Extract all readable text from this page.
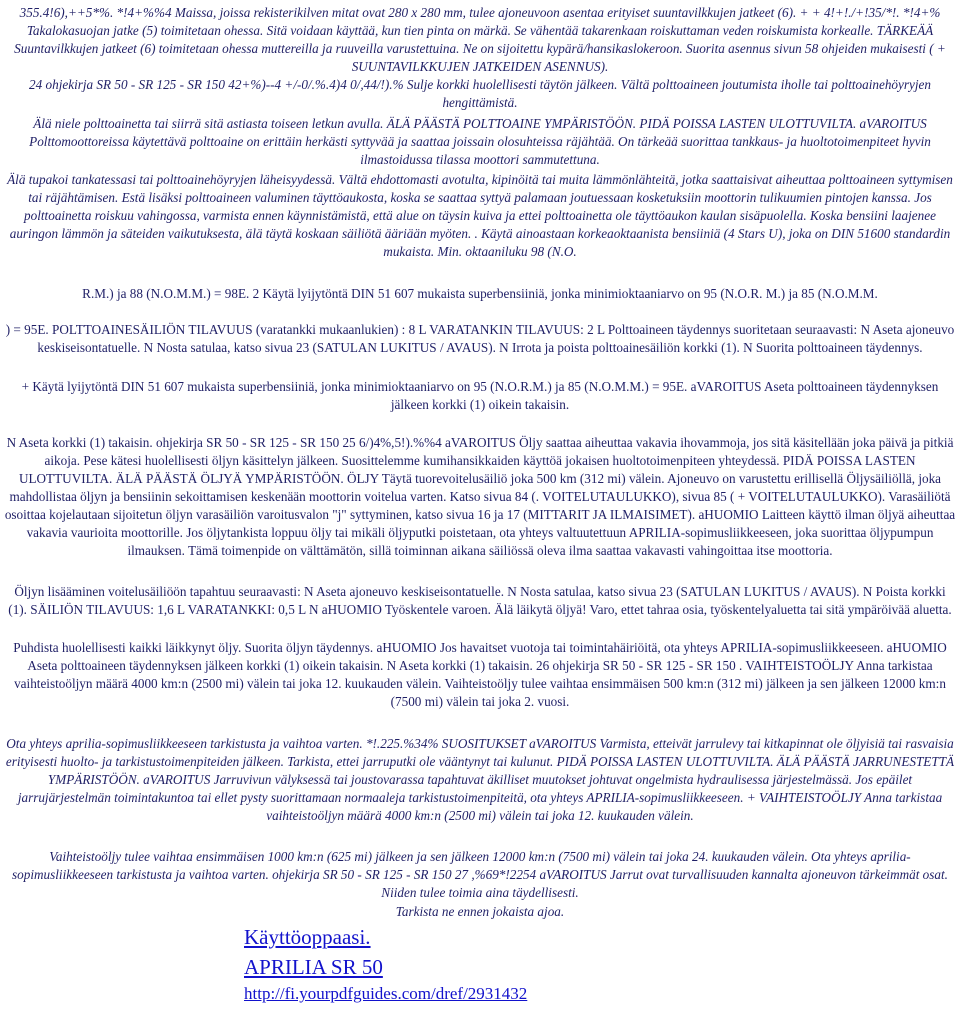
355.4!6),++5*%. *!4+%%4 Maissa, joissa rekisterikilven mitat ovat 280 x 280 mm, tulee ajoneuvoon asentaa erityiset suuntavilkkujen jatkeet (6). + + 4!+!./+!35/*!. *!4+% Takalokasuojan jatke (5) toimitetaan ohessa. Sitä voidaan käyttää, kun tien pinta on märkä. Se vähentää takarenkaan roiskuttaman veden roiskumista korkealle. TÄRKEÄÄ Suuntavilkkujen jatkeet (6) toimitetaan ohessa muttereilla ja ruuveilla varustettuina. Ne on sijoitettu kypärä/hansikaslokeroon. Suorita asennus sivun 58 ohjeiden mukaisesti ( + SUUNTAVILKKUJEN JATKEIDEN ASENNUS).
24 ohjekirja SR 50 - SR 125 - SR 150 42+%)--4 +/-0/.%.4)4 0/,44/!).% Sulje korkki huolellisesti täytön jälkeen. Vältä polttoaineen joutumista iholle tai polttoainehöyryjen hengittämistä.
Älä niele polttoainetta tai siirrä sitä astiasta toiseen letkun avulla. ÄLÄ PÄÄSTÄ POLTTOAINE YMPÄRISTÖÖN. PIDÄ POISSA LASTEN ULOTTUVILTA. aVAROITUS Polttomoottoreissa käytettävä polttoaine on erittäin herkästi syttyvää ja saattaa joissain olosuhteissa räjähtää. On tärkeää suorittaa tankkaus- ja huoltotoimenpiteet hyvin ilmastoidussa tilassa moottori sammutettuna.
Älä tupakoi tankatessasi tai polttoainehöyryjen läheisyydessä. Vältä ehdottomasti avotulta, kipinöitä tai muita lämmönlähteitä, jotka saattaisivat aiheuttaa polttoaineen syttymisen tai räjähtämisen. Estä lisäksi polttoaineen valuminen täyttöaukosta, koska se saattaa syttyä palamaan joutuessaan kosketuksiin moottorin tulikuumien pintojen kanssa. Jos polttoainetta roiskuu vahingossa, varmista ennen käynnistämistä, että alue on täysin kuiva ja ettei polttoainetta ole täyttöaukon kaulan sisäpuolella. Koska bensiini laajenee auringon lämmön ja säteiden vaikutuksesta, älä täytä koskaan säiliötä ääriään myöten. . Käytä ainoastaan korkeaoktaanista bensiiniä (4 Stars U), joka on DIN 51600 standardin mukaista. Min. oktaaniluku 98 (N.O.
R.M.) ja 88 (N.O.M.M.) = 98E. 2 Käytä lyijytöntä DIN 51 607 mukaista superbensiiniä, jonka minimioktaaniarvo on 95 (N.O.R. M.) ja 85 (N.O.M.M.
) = 95E. POLTTOAINESÄILIÖN TILAVUUS (varatankki mukaanlukien) : 8 L VARATANKIN TILAVUUS: 2 L Polttoaineen täydennys suoritetaan seuraavasti: N Aseta ajoneuvo keskiseisontatuelle. N Nosta satulaa, katso sivua 23 (SATULAN LUKITUS / AVAUS). N Irrota ja poista polttoainesäiliön korkki (1). N Suorita polttoaineen täydennys.
+ Käytä lyijytöntä DIN 51 607 mukaista superbensiiniä, jonka minimioktaaniarvo on 95 (N.O.R.M.) ja 85 (N.O.M.M.) = 95E. aVAROITUS Aseta polttoaineen täydennyksen jälkeen korkki (1) oikein takaisin.
N Aseta korkki (1) takaisin. ohjekirja SR 50 - SR 125 - SR 150 25 6/)4%,5!).%%4 aVAROITUS Öljy saattaa aiheuttaa vakavia ihovammoja, jos sitä käsitellään joka päivä ja pitkiä aikoja. Pese kätesi huolellisesti öljyn käsittelyn jälkeen. Suosittelemme kumihansikkaiden käyttöä jokaisen huoltotoimenpiteen yhteydessä. PIDÄ POISSA LASTEN ULOTTUVILTA. ÄLÄ PÄÄSTÄ ÖLJYÄ YMPÄRISTÖÖN. ÖLJY Täytä tuorevoitelusäiliö joka 500 km (312 mi) välein. Ajoneuvo on varustettu erillisellä Öljysäiliöllä, joka mahdollistaa öljyn ja bensiinin sekoittamisen keskenään moottorin voitelua varten. Katso sivua 84 (. VOITELUTAULUKKO), sivua 85 ( + VOITELUTAULUKKO). Varasäiliötä osoittaa kojelautaan sijoitetun öljyn varasäiliön varoitusvalon "j" syttyminen, katso sivua 16 ja 17 (MITTARIT JA ILMAISIMET). aHUOMIO Laitteen käyttö ilman öljyä aiheuttaa vakavia vaurioita moottorille. Jos öljytankista loppuu öljy tai mikäli öljyputki poistetaan, ota yhteys valtuutettuun APRILIA-sopimusliikkeeseen, joka suorittaa öljypumpun ilmauksen. Tämä toimenpide on välttämätön, sillä toiminnan aikana säiliössä oleva ilma saattaa vakavasti vahingoittaa itse moottoria.
Öljyn lisääminen voitelusäiliöön tapahtuu seuraavasti: N Aseta ajoneuvo keskiseisontatuelle. N Nosta satulaa, katso sivua 23 (SATULAN LUKITUS / AVAUS). N Poista korkki (1). SÄILIÖN TILAVUUS: 1,6 L VARATANKKI: 0,5 L N aHUOMIO Työskentele varoen. Älä läikytä öljyä! Varo, ettet tahraa osia, työskentelyaluetta tai sitä ympäröivää aluetta.
Puhdista huolellisesti kaikki läikkynyt öljy. Suorita öljyn täydennys. aHUOMIO Jos havaitset vuotoja tai toimintahäiriöitä, ota yhteys APRILIA-sopimusliikkeeseen. aHUOMIO Aseta polttoaineen täydennyksen jälkeen korkki (1) oikein takaisin. N Aseta korkki (1) takaisin. 26 ohjekirja SR 50 - SR 125 - SR 150 . VAIHTEISTOÖLJY Anna tarkistaa vaihteistoöljyn määrä 4000 km:n (2500 mi) välein tai joka 12. kuukauden välein. Vaihteistoöljy tulee vaihtaa ensimmäisen 500 km:n (312 mi) jälkeen ja sen jälkeen 12000 km:n (7500 mi) välein tai joka 2. vuosi.
Ota yhteys aprilia-sopimusliikkeeseen tarkistusta ja vaihtoa varten. *!.225.%34% SUOSITUKSET aVAROITUS Varmista, etteivät jarrulevy tai kitkapinnat ole öljyisiä tai rasvaisia erityisesti huolto- ja tarkistustoimenpiteiden jälkeen. Tarkista, ettei jarruputki ole vääntynyt tai kulunut. PIDÄ POISSA LASTEN ULOTTUVILTA. ÄLÄ PÄÄSTÄ JARRUNESTETTÄ YMPÄRISTÖÖN. aVAROITUS Jarruvivun välyksessä tai joustovarassa tapahtuvat äkilliset muutokset johtuvat ongelmista hydraulisessa järjestelmässä. Jos epäilet jarrujärjestelmän toimintakuntoa tai ellet pysty suorittamaan normaaleja tarkistustoimenpiteitä, ota yhteys APRILIA-sopimusliikkeeseen. + VAIHTEISTOÖLJY Anna tarkistaa vaihteistoöljyn määrä 4000 km:n (2500 mi) välein tai joka 12. kuukauden välein.
Vaihteistoöljy tulee vaihtaa ensimmäisen 1000 km:n (625 mi) jälkeen ja sen jälkeen 12000 km:n (7500 mi) välein tai joka 24. kuukauden välein. Ota yhteys aprilia-sopimusliikkeeseen tarkistusta ja vaihtoa varten. ohjekirja SR 50 - SR 125 - SR 150 27 ,%69*!2254 aVAROITUS Jarrut ovat turvallisuuden kannalta ajoneuvon tärkeimmät osat. Niiden tulee toimia aina täydellisesti.
Tarkista ne ennen jokaista ajoa.
Käyttöoppaasi.
APRILIA SR 50
http://fi.yourpdfguides.com/dref/2931432
